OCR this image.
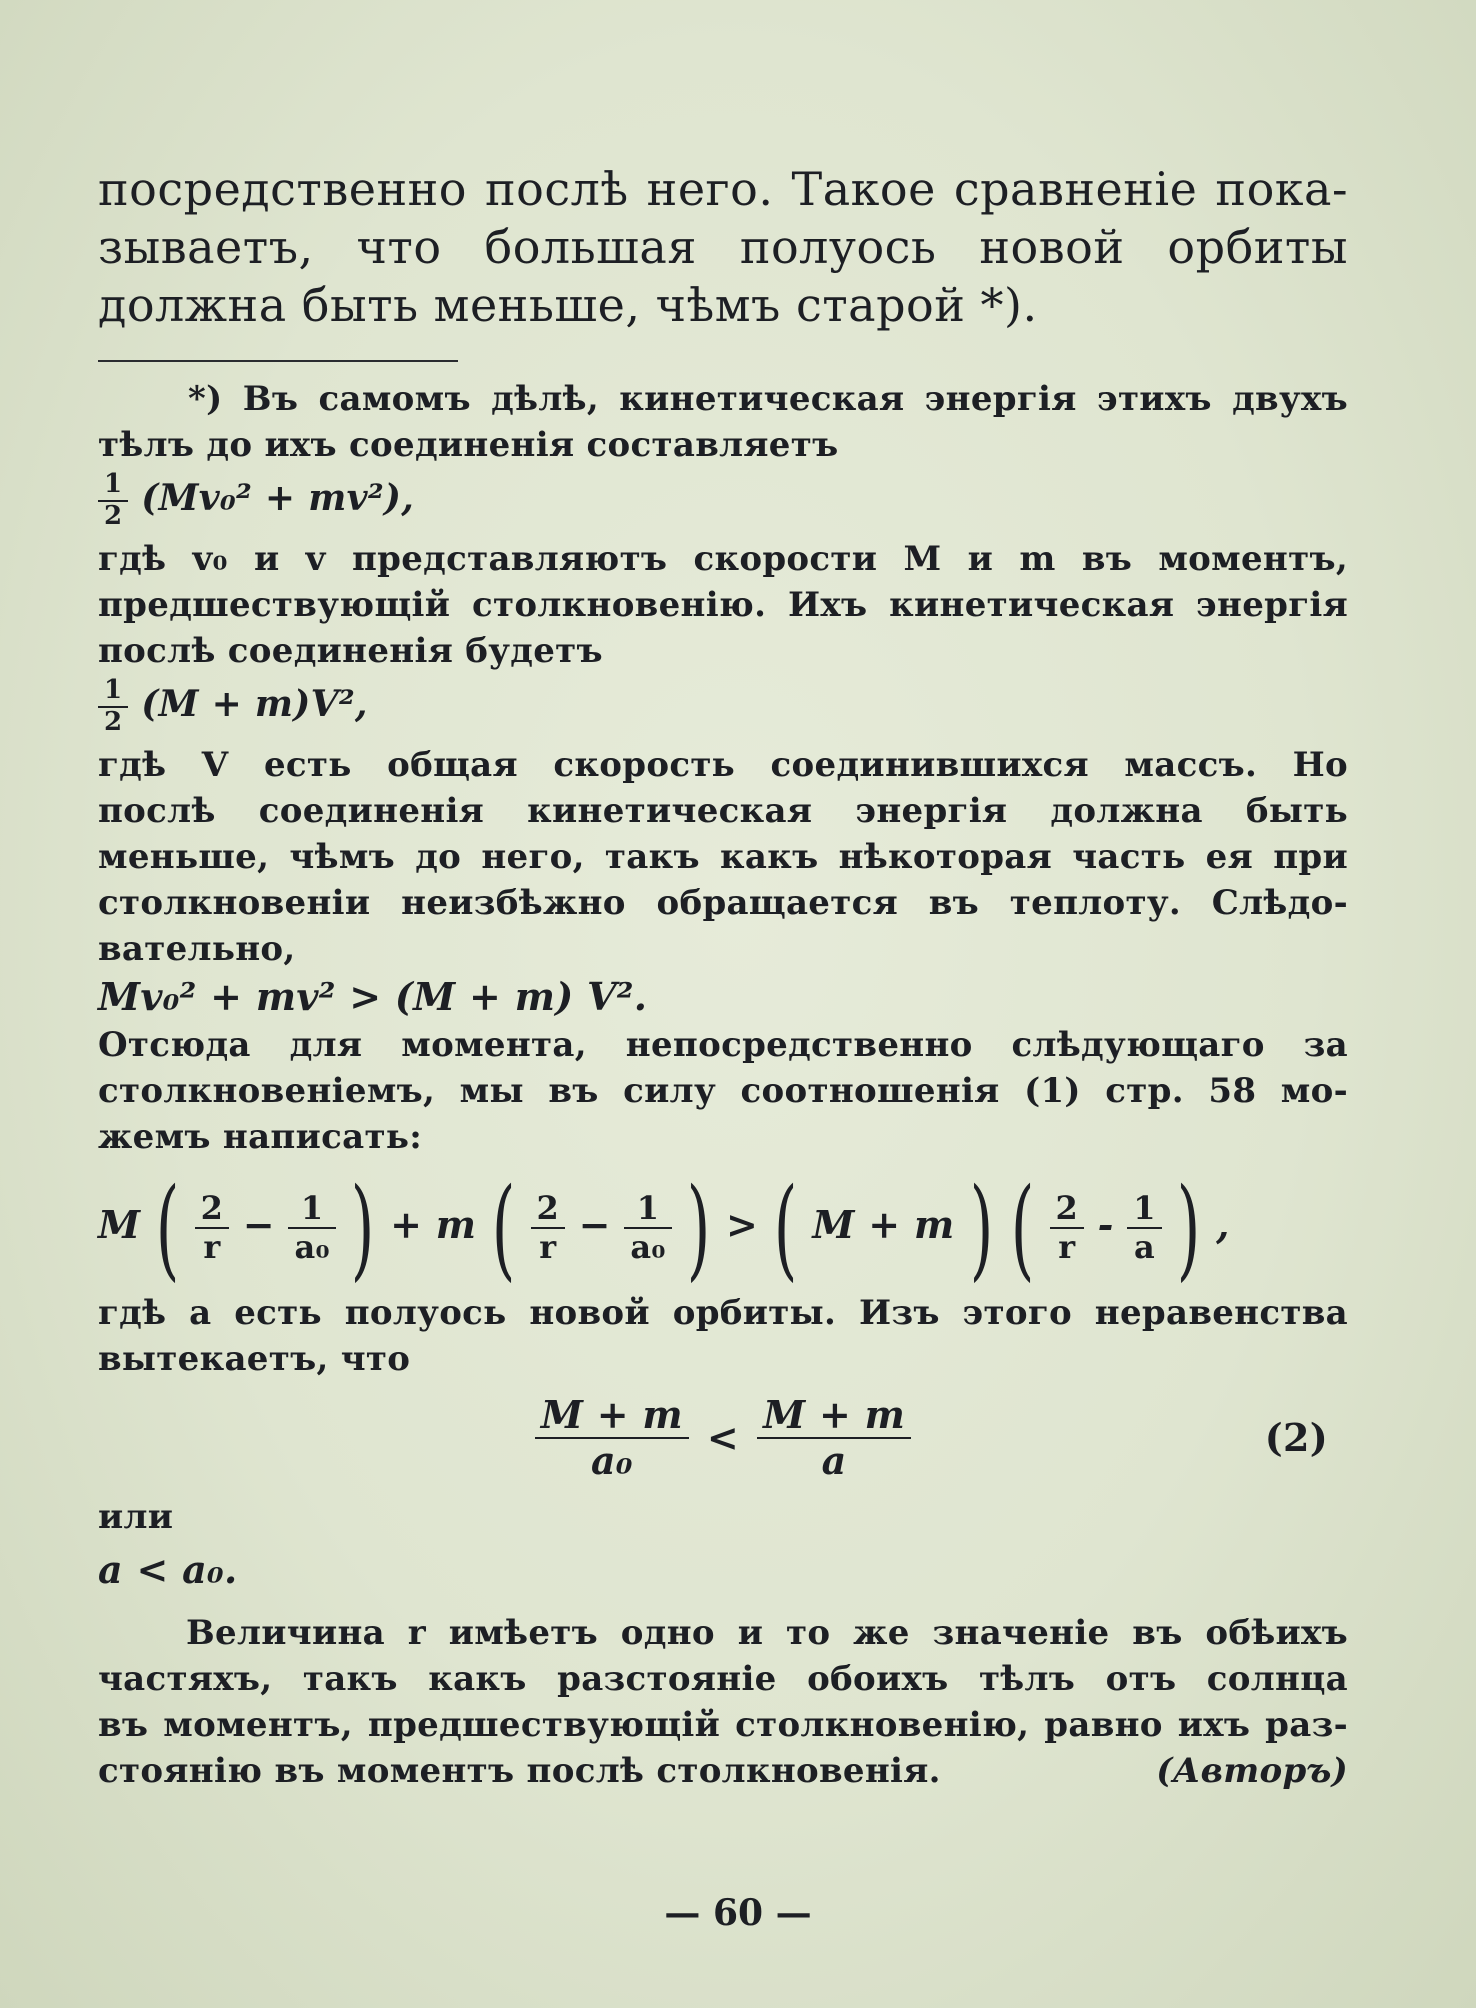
посредственно послѣ него. Такое сравненіе пока-

зываетъ, что большая полуось новой орбиты

должна быть меньше, чѣмъ старой *).

*) Въ самомъ дѣлѣ, кинетическая энергія этихъ двухъ

тѣлъ до ихъ соединенія составляетъ

$\frac{1}{2} (Mv_0^2 + mv^2)$,

гдѣ v₀ и v представляютъ скорости M и m въ моментъ,

предшествующій столкновенію. Ихъ кинетическая энергія

послѣ соединенія будетъ

$\frac{1}{2} (M + m)V^2$,

гдѣ V есть общая скорость соединившихся массъ. Но

послѣ соединенія кинетическая энергія должна быть

меньше, чѣмъ до него, такъ какъ нѣкоторая часть ея при

столкновеніи неизбѣжно обращается въ теплоту. Слѣдо-

вательно,

Mv₀² + mv² > (M + m) V².

Отсюда для момента, непосредственно слѣдующаго за

столкновеніемъ, мы въ силу соотношенія (1) стр. 58 мо-

жемъ написать:

M ( $\frac{2}{r} - \frac{1}{\text{a₀}}$ ) + m ( $\frac{2}{r} - \frac{1}{\text{a₀}}$ ) > ( M + m ) ( $\frac{2}{r} - \frac{1}{a}$ ) ,

гдѣ a есть полуось новой орбиты. Изъ этого неравенства

вытекаетъ, что

$\frac{M + m}{\text{a₀}} < \frac{M + m}{a}$	(2)

или

a < a₀.

Величина r имѣетъ одно и то же значеніе въ обѣихъ

частяхъ, такъ какъ разстояніе обоихъ тѣлъ отъ солнца

въ моментъ, предшествующій столкновенію, равно ихъ раз-

стоянію въ моментъ послѣ столкновенія.	(Авторъ)

— 60 —
